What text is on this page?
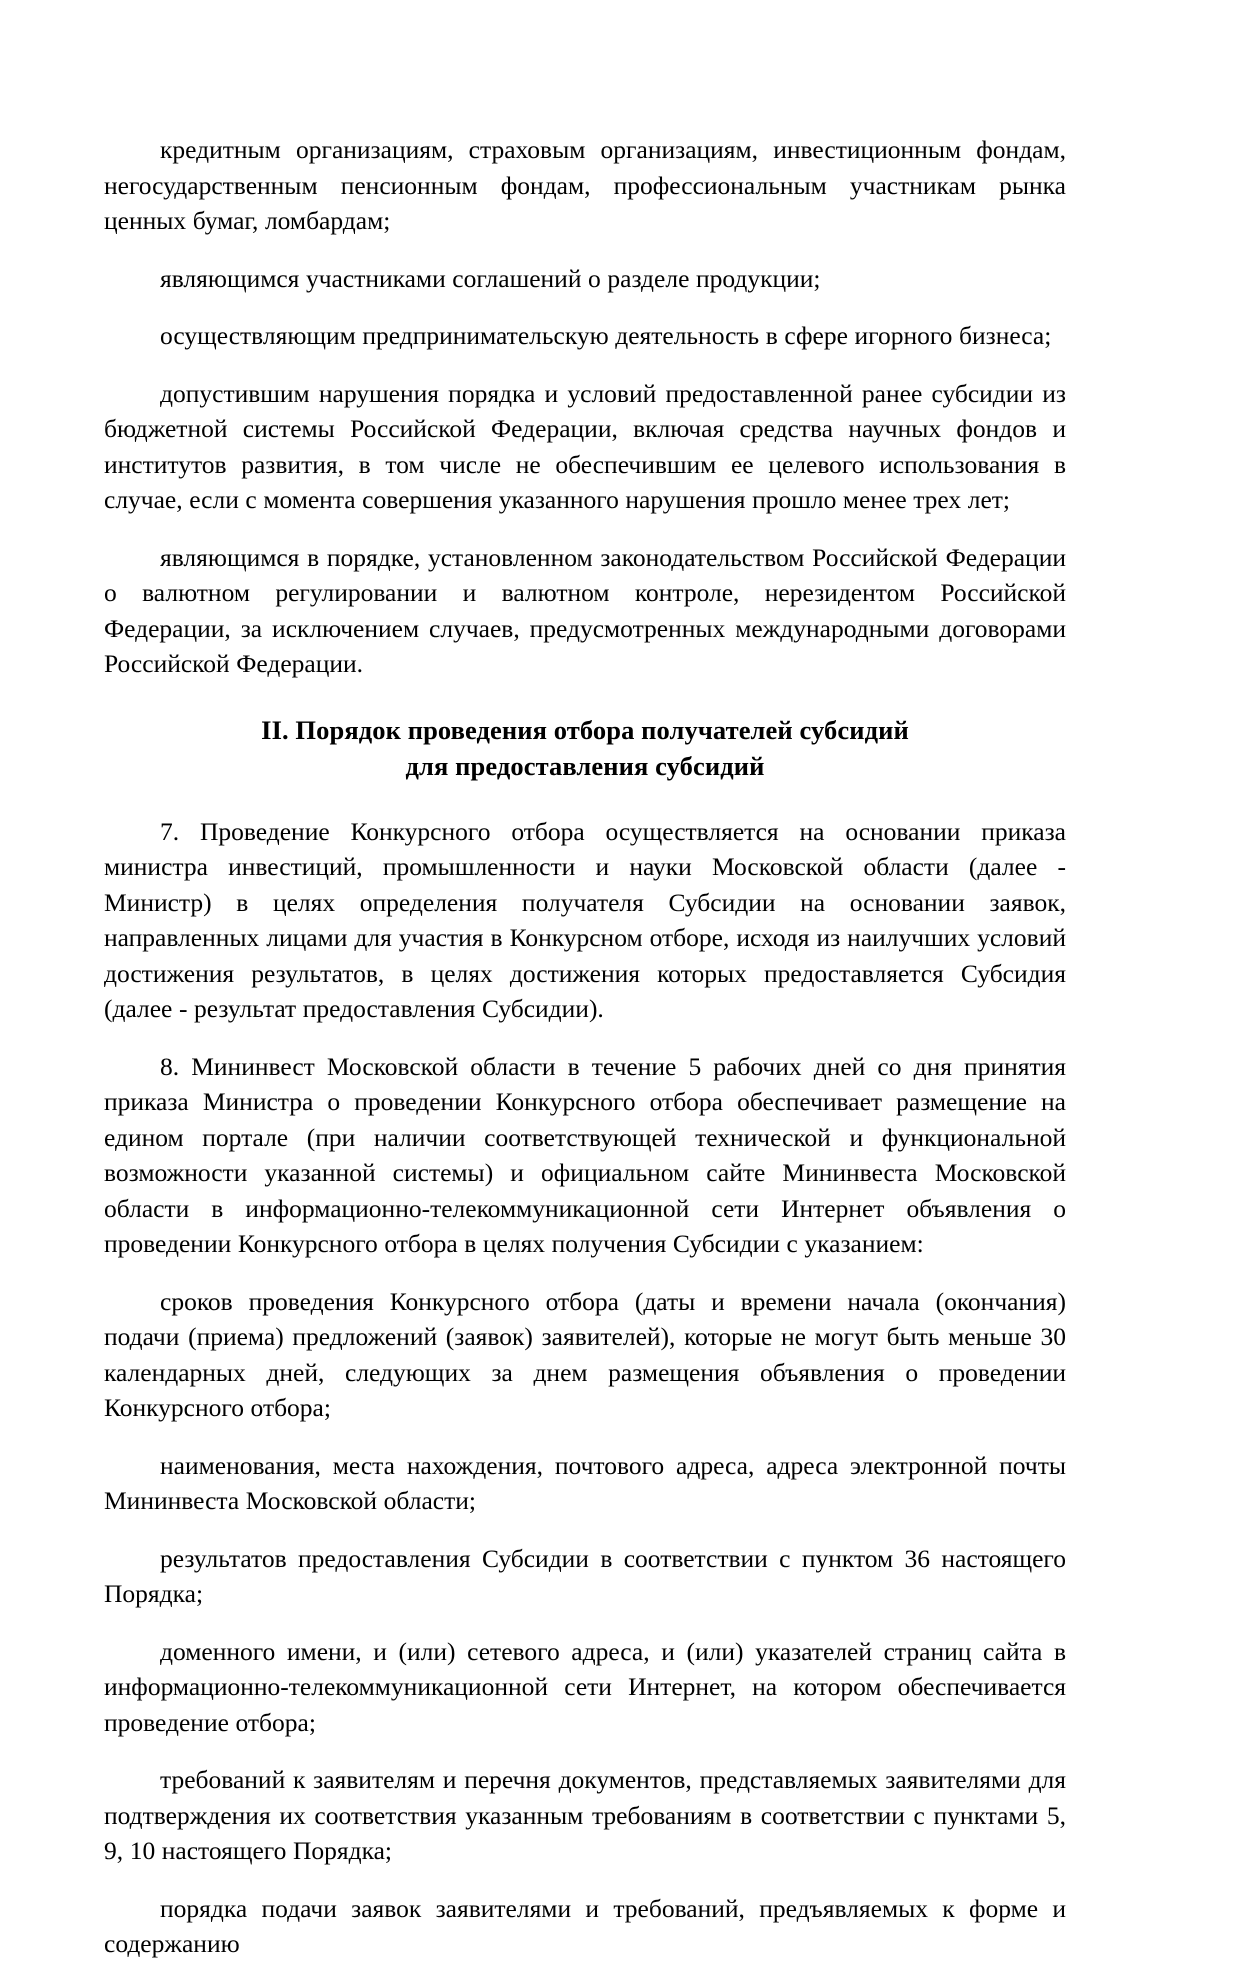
кредитным организациям, страховым организациям, инвестиционным фондам, негосударственным пенсионным фондам, профессиональным участникам рынка ценных бумаг, ломбардам;

являющимся участниками соглашений о разделе продукции;

осуществляющим предпринимательскую деятельность в сфере игорного бизнеса;

допустившим нарушения порядка и условий предоставленной ранее субсидии из бюджетной системы Российской Федерации, включая средства научных фондов и институтов развития, в том числе не обеспечившим ее целевого использования в случае, если с момента совершения указанного нарушения прошло менее трех лет;

являющимся в порядке, установленном законодательством Российской Федерации о валютном регулировании и валютном контроле, нерезидентом Российской Федерации, за исключением случаев, предусмотренных международными договорами Российской Федерации.

II. Порядок проведения отбора получателей субсидий
для предоставления субсидий

7. Проведение Конкурсного отбора осуществляется на основании приказа министра инвестиций, промышленности и науки Московской области (далее - Министр) в целях определения получателя Субсидии на основании заявок, направленных лицами для участия в Конкурсном отборе, исходя из наилучших условий достижения результатов, в целях достижения которых предоставляется Субсидия (далее - результат предоставления Субсидии).

8. Мининвест Московской области в течение 5 рабочих дней со дня принятия приказа Министра о проведении Конкурсного отбора обеспечивает размещение на едином портале (при наличии соответствующей технической и функциональной возможности указанной системы) и официальном сайте Мининвеста Московской области в информационно-телекоммуникационной сети Интернет объявления о проведении Конкурсного отбора в целях получения Субсидии с указанием:

сроков проведения Конкурсного отбора (даты и времени начала (окончания) подачи (приема) предложений (заявок) заявителей), которые не могут быть меньше 30 календарных дней, следующих за днем размещения объявления о проведении Конкурсного отбора;

наименования, места нахождения, почтового адреса, адреса электронной почты Мининвеста Московской области;

результатов предоставления Субсидии в соответствии с пунктом 36 настоящего Порядка;

доменного имени, и (или) сетевого адреса, и (или) указателей страниц сайта в информационно-телекоммуникационной сети Интернет, на котором обеспечивается проведение отбора;

требований к заявителям и перечня документов, представляемых заявителями для подтверждения их соответствия указанным требованиям в соответствии с пунктами 5, 9, 10 настоящего Порядка;

порядка подачи заявок заявителями и требований, предъявляемых к форме и содержанию
